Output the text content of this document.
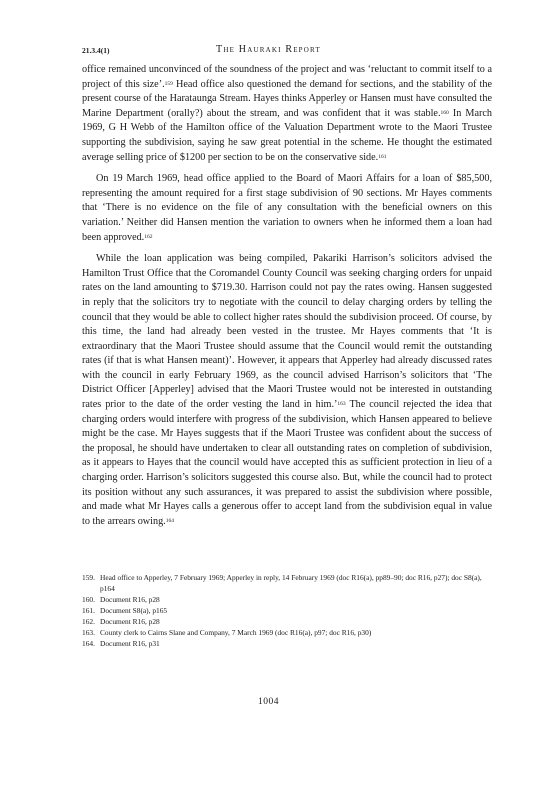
21.3.4(1)	The Hauraki Report

office remained unconvinced of the soundness of the project and was ‘reluctant to commit itself to a project of this size’.$^{159}$ Head office also questioned the demand for sections, and the stability of the present course of the Harataunga Stream. Hayes thinks Apperley or Hansen must have consulted the Marine Department (orally?) about the stream, and was confident that it was stable.$^{160}$ In March 1969, G H Webb of the Hamilton office of the Valuation Department wrote to the Maori Trustee supporting the subdivision, saying he saw great potential in the scheme. He thought the estimated average selling price of $1200 per section to be on the conservative side.$^{161}$

On 19 March 1969, head office applied to the Board of Maori Affairs for a loan of $85,500, representing the amount required for a first stage subdivision of 90 sections. Mr Hayes comments that ‘There is no evidence on the file of any consultation with the beneficial owners on this variation.’ Neither did Hansen mention the variation to owners when he informed them a loan had been approved.$^{162}$

While the loan application was being compiled, Pakariki Harrison’s solicitors advised the Hamilton Trust Office that the Coromandel County Council was seeking charging orders for unpaid rates on the land amounting to $719.30. Harrison could not pay the rates owing. Hansen suggested in reply that the solicitors try to negotiate with the council to delay charging orders by telling the council that they would be able to collect higher rates should the subdivision proceed. Of course, by this time, the land had already been vested in the trustee. Mr Hayes comments that ‘It is extraordinary that the Maori Trustee should assume that the Council would remit the outstanding rates (if that is what Hansen meant)’. However, it appears that Apperley had already discussed rates with the council in early February 1969, as the council advised Harrison’s solicitors that ‘The District Officer [Apperley] advised that the Maori Trustee would not be interested in outstanding rates prior to the date of the order vesting the land in him.’$^{163}$ The council rejected the idea that charging orders would interfere with progress of the subdivision, which Hansen appeared to believe might be the case. Mr Hayes suggests that if the Maori Trustee was confident about the success of the proposal, he should have undertaken to clear all outstanding rates on completion of subdivision, as it appears to Hayes that the council would have accepted this as sufficient protection in lieu of a charging order. Harrison’s solicitors suggested this course also. But, while the council had to protect its position without any such assurances, it was prepared to assist the subdivision where possible, and made what Mr Hayes calls a generous offer to accept land from the subdivision equal in value to the arrears owing.$^{164}$

159. Head office to Apperley, 7 February 1969; Apperley in reply, 14 February 1969 (doc R16(a), pp89–90; doc R16, p27); doc S8(a), p164
160. Document R16, p28
161. Document S8(a), p165
162. Document R16, p28
163. County clerk to Cairns Slane and Company, 7 March 1969 (doc R16(a), p97; doc R16, p30)
164. Document R16, p31
1004
